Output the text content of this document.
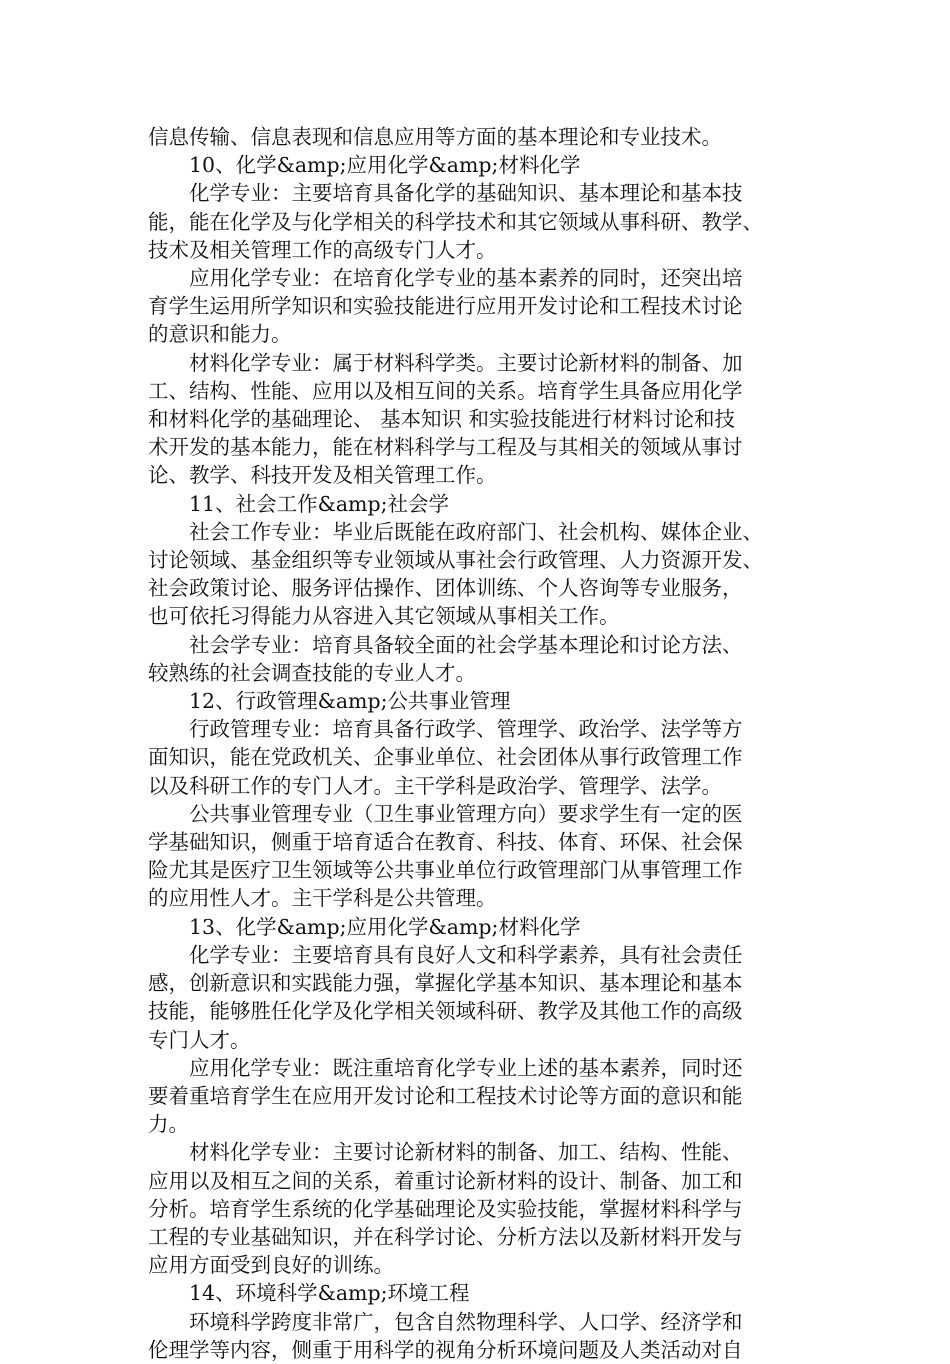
信息传输、信息表现和信息应用等方面的基本理论和专业技术。

10、化学&amp;应用化学&amp;材料化学

化学专业：主要培育具备化学的基础知识、基本理论和基本技
能，能在化学及与化学相关的科学技术和其它领域从事科研、教学、
技术及相关管理工作的高级专门人才。

应用化学专业：在培育化学专业的基本素养的同时，还突出培
育学生运用所学知识和实验技能进行应用开发讨论和工程技术讨论
的意识和能力。

材料化学专业：属于材料科学类。主要讨论新材料的制备、加
工、结构、性能、应用以及相互间的关系。培育学生具备应用化学
和材料化学的基础理论、 基本知识 和实验技能进行材料讨论和技
术开发的基本能力，能在材料科学与工程及与其相关的领域从事讨
论、教学、科技开发及相关管理工作。

11、社会工作&amp;社会学

社会工作专业：毕业后既能在政府部门、社会机构、媒体企业、
讨论领域、基金组织等专业领域从事社会行政管理、人力资源开发、
社会政策讨论、服务评估操作、团体训练、个人咨询等专业服务，
也可依托习得能力从容进入其它领域从事相关工作。

社会学专业：培育具备较全面的社会学基本理论和讨论方法、
较熟练的社会调查技能的专业人才。

12、行政管理&amp;公共事业管理

行政管理专业：培育具备行政学、管理学、政治学、法学等方
面知识，能在党政机关、企事业单位、社会团体从事行政管理工作
以及科研工作的专门人才。主干学科是政治学、管理学、法学。

公共事业管理专业（卫生事业管理方向）要求学生有一定的医
学基础知识，侧重于培育适合在教育、科技、体育、环保、社会保
险尤其是医疗卫生领域等公共事业单位行政管理部门从事管理工作
的应用性人才。主干学科是公共管理。

13、化学&amp;应用化学&amp;材料化学

化学专业：主要培育具有良好人文和科学素养，具有社会责任
感，创新意识和实践能力强，掌握化学基本知识、基本理论和基本
技能，能够胜任化学及化学相关领域科研、教学及其他工作的高级
专门人才。

应用化学专业：既注重培育化学专业上述的基本素养，同时还
要着重培育学生在应用开发讨论和工程技术讨论等方面的意识和能
力。

材料化学专业：主要讨论新材料的制备、加工、结构、性能、
应用以及相互之间的关系，着重讨论新材料的设计、制备、加工和
分析。培育学生系统的化学基础理论及实验技能，掌握材料科学与
工程的专业基础知识，并在科学讨论、分析方法以及新材料开发与
应用方面受到良好的训练。

14、环境科学&amp;环境工程

环境科学跨度非常广，包含自然物理科学、人口学、经济学和
伦理学等内容，侧重于用科学的视角分析环境问题及人类活动对自
